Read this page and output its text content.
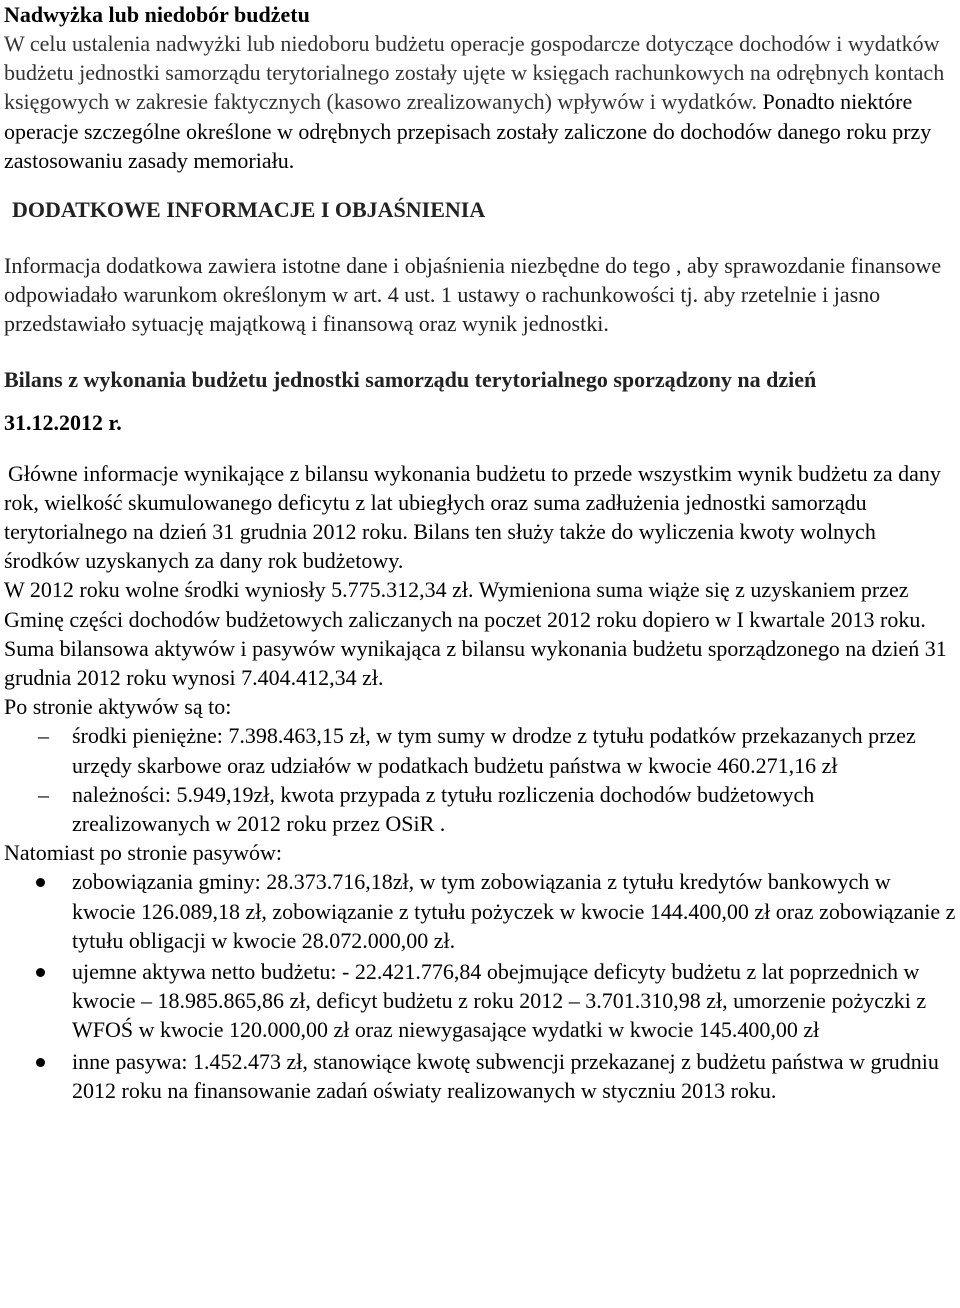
Nadwyżka lub niedobór budżetu

W celu ustalenia nadwyżki lub niedoboru budżetu operacje gospodarcze dotyczące dochodów i wydatków budżetu jednostki samorządu terytorialnego zostały ujęte w księgach rachunkowych na odrębnych kontach księgowych w zakresie faktycznych (kasowo zrealizowanych) wpływów i wydatków. Ponadto niektóre operacje szczególne określone w odrębnych przepisach zostały zaliczone do dochodów danego roku przy zastosowaniu zasady memoriału.

DODATKOWE INFORMACJE I OBJAŚNIENIA

Informacja dodatkowa zawiera istotne dane i objaśnienia niezbędne do tego , aby sprawozdanie finansowe odpowiadało warunkom określonym w art. 4 ust. 1 ustawy o rachunkowości tj. aby rzetelnie i jasno przedstawiało sytuację majątkową i finansową oraz wynik jednostki.

Bilans z wykonania budżetu jednostki samorządu terytorialnego sporządzony na dzień
31.12.2012 r.

Główne informacje wynikające z bilansu wykonania budżetu to przede wszystkim wynik budżetu za dany rok, wielkość skumulowanego deficytu z lat ubiegłych oraz suma zadłużenia jednostki samorządu terytorialnego na dzień 31 grudnia 2012 roku. Bilans ten służy także do wyliczenia kwoty wolnych środków uzyskanych za dany rok budżetowy.

W 2012 roku wolne środki wyniosły 5.775.312,34 zł. Wymieniona suma wiąże się z uzyskaniem przez Gminę części dochodów budżetowych zaliczanych na poczet 2012 roku dopiero w I kwartale 2013 roku.

Suma bilansowa aktywów i pasywów wynikająca z bilansu wykonania budżetu sporządzonego na dzień 31 grudnia 2012 roku wynosi 7.404.412,34 zł.

Po stronie aktywów są to:

– środki pieniężne: 7.398.463,15 zł, w tym sumy w drodze z tytułu podatków przekazanych przez urzędy skarbowe oraz udziałów w podatkach budżetu państwa w kwocie 460.271,16 zł
– należności: 5.949,19zł, kwota przypada z tytułu rozliczenia dochodów budżetowych zrealizowanych w 2012 roku przez OSiR .

Natomiast po stronie pasywów:

zobowiązania gminy: 28.373.716,18zł, w tym zobowiązania z tytułu kredytów bankowych w kwocie 126.089,18 zł, zobowiązanie z tytułu pożyczek w kwocie 144.400,00 zł oraz zobowiązanie z tytułu obligacji w kwocie 28.072.000,00 zł.
ujemne aktywa netto budżetu: - 22.421.776,84 obejmujące deficyty budżetu z lat poprzednich w kwocie – 18.985.865,86 zł, deficyt budżetu z roku 2012 – 3.701.310,98 zł, umorzenie pożyczki z WFOŚ w kwocie 120.000,00 zł oraz niewygasające wydatki w kwocie 145.400,00 zł
inne pasywa: 1.452.473 zł, stanowiące kwotę subwencji przekazanej z budżetu państwa w grudniu 2012 roku na finansowanie zadań oświaty realizowanych w styczniu 2013 roku.
